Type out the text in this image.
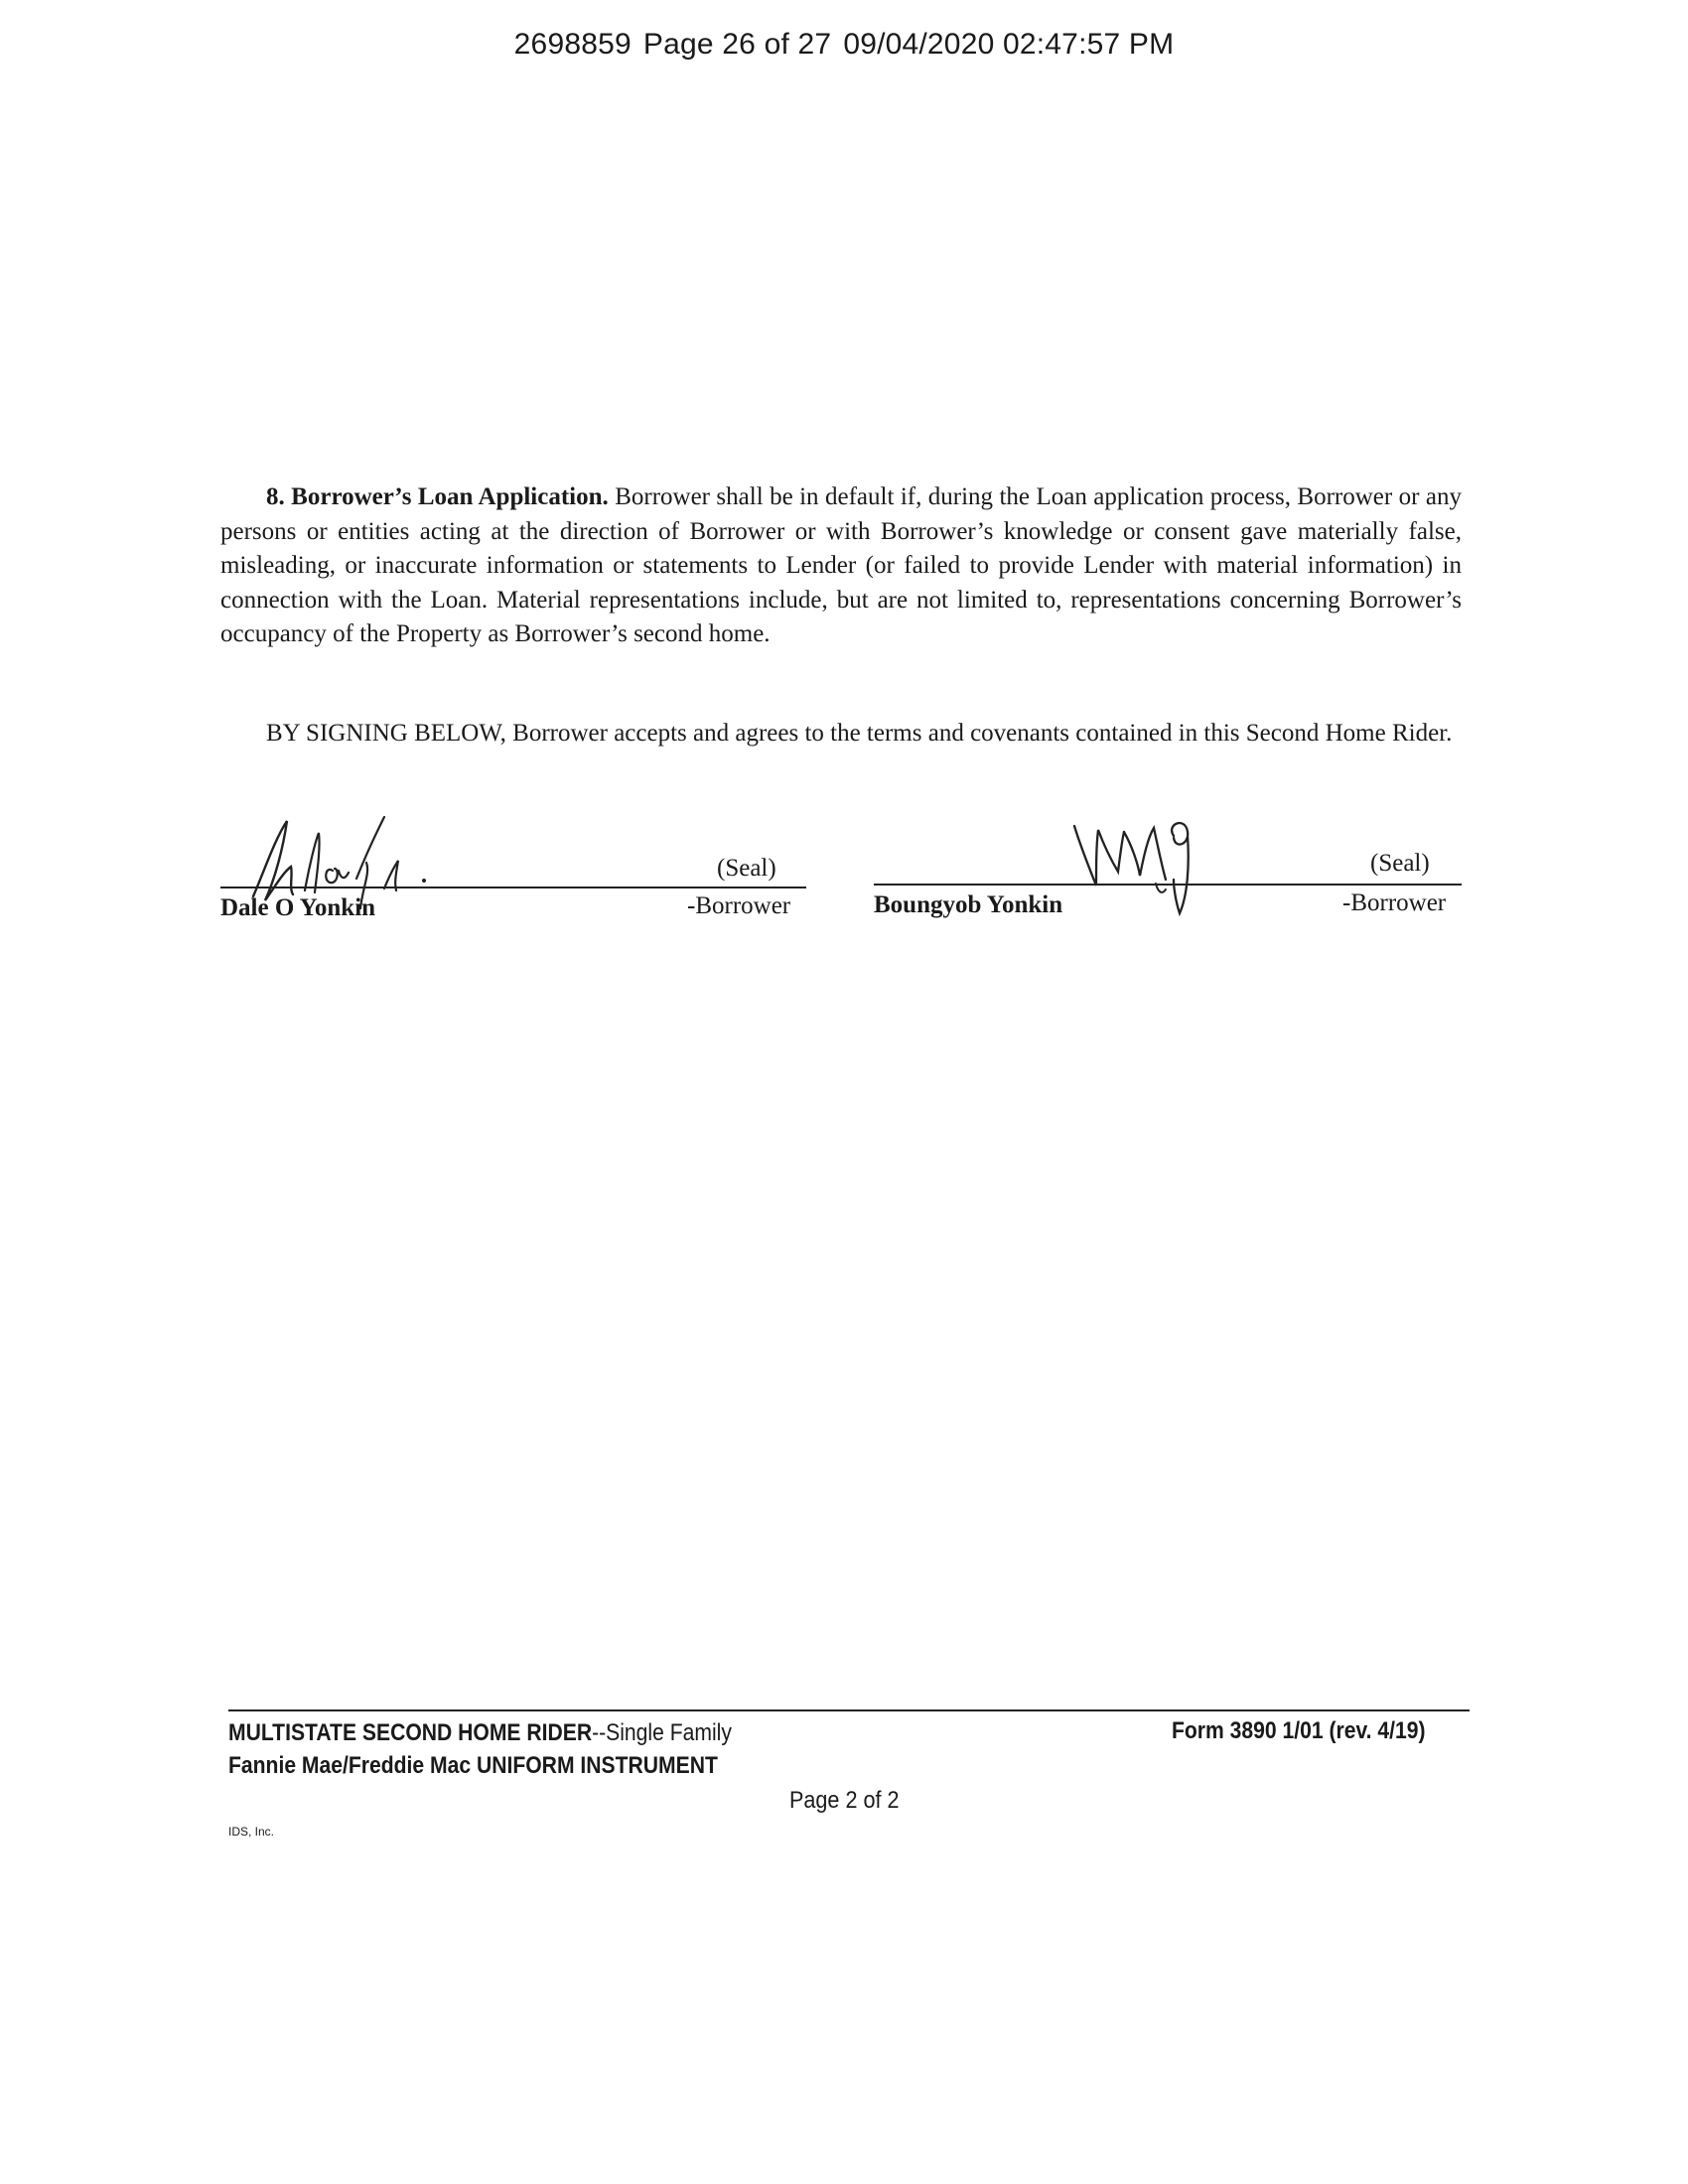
2698859 Page 26 of 27 09/04/2020 02:47:57 PM
8. Borrower’s Loan Application. Borrower shall be in default if, during the Loan application process, Borrower or any persons or entities acting at the direction of Borrower or with Borrower’s knowledge or consent gave materially false, misleading, or inaccurate information or statements to Lender (or failed to provide Lender with material information) in connection with the Loan. Material representations include, but are not limited to, representations concerning Borrower’s occupancy of the Property as Borrower’s second home.
BY SIGNING BELOW, Borrower accepts and agrees to the terms and covenants contained in this Second Home Rider.
(Seal)
Dale O Yonkin	-Borrower
(Seal)
Boungyob Yonkin	-Borrower
MULTISTATE SECOND HOME RIDER--Single Family
Fannie Mae/Freddie Mac UNIFORM INSTRUMENT
Form 3890 1/01 (rev. 4/19)
Page 2 of 2
IDS, Inc.
